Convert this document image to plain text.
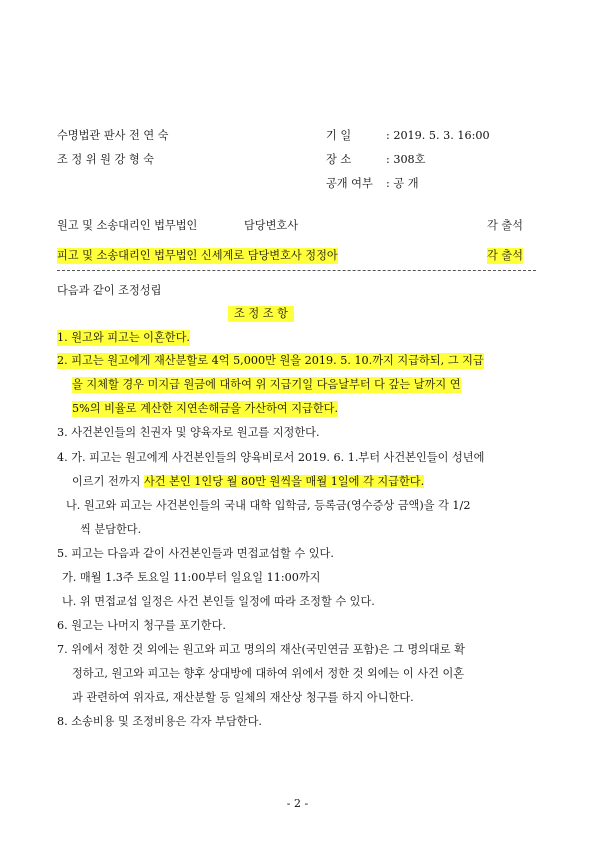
수명법관 판사 전 연 숙
조 정 위 원 강 형 숙
기 일	: 2019. 5. 3. 16:00
장 소	: 308호
공개 여부 : 공 개
원고 및 소송대리인 법무법인	담당변호사	각 출석
피고 및 소송대리인 법무법인 신세계로 담당변호사 정정아	각 출석
다음과 같이 조정성립
조 정 조 항
1. 원고와 피고는 이혼한다.
2. 피고는 원고에게 재산분할로 4억 5,000만 원을 2019. 5. 10.까지 지급하되, 그 지급
을 지체할 경우 미지급 원금에 대하여 위 지급기일 다음날부터 다 갚는 날까지 연
5%의 비율로 계산한 지연손해금을 가산하여 지급한다.
3. 사건본인들의 친권자 및 양육자로 원고를 지정한다.
4. 가. 피고는 원고에게 사건본인들의 양육비로서 2019. 6. 1.부터 사건본인들이 성년에
이르기 전까지 사건 본인 1인당 월 80만 원씩을 매월 1일에 각 지급한다.
나. 원고와 피고는 사건본인들의 국내 대학 입학금, 등록금(영수증상 금액)을 각 1/2
씩 분담한다.
5. 피고는 다음과 같이 사건본인들과 면접교섭할 수 있다.
가. 매월 1.3주 토요일 11:00부터 일요일 11:00까지
나. 위 면접교섭 일정은 사건 본인들 일정에 따라 조정할 수 있다.
6. 원고는 나머지 청구를 포기한다.
7. 위에서 정한 것 외에는 원고와 피고 명의의 재산(국민연금 포함)은 그 명의대로 확
정하고, 원고와 피고는 향후 상대방에 대하여 위에서 정한 것 외에는 이 사건 이혼
과 관련하여 위자료, 재산분할 등 일체의 재산상 청구를 하지 아니한다.
8. 소송비용 및 조정비용은 각자 부담한다.
- 2 -
